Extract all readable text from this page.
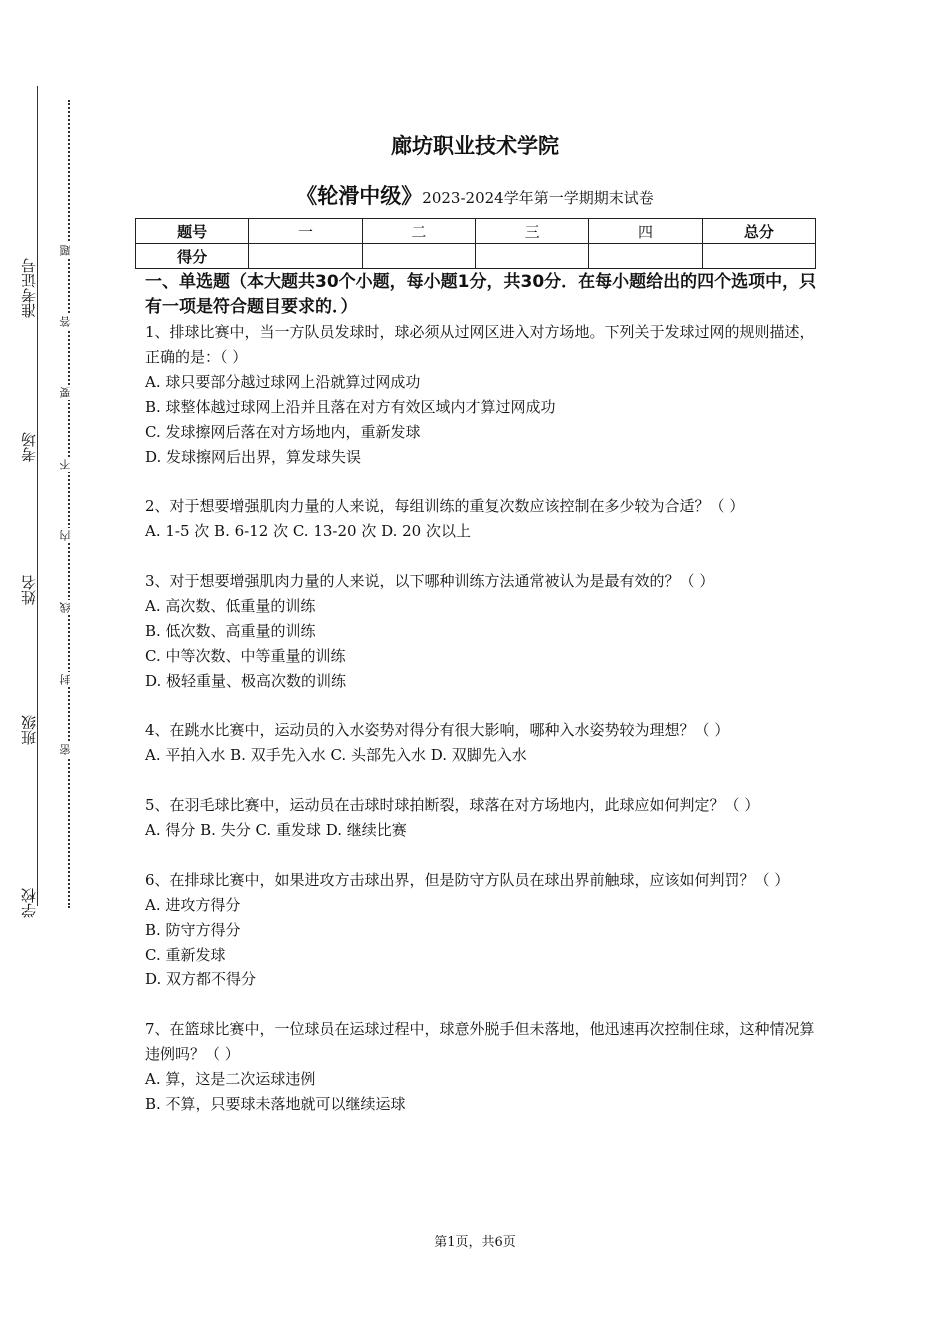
准考证号
考场
姓名
班级
学校
题
答
要
不
内
线
封
密
廊坊职业技术学院
《轮滑中级》2023-2024学年第一学期期末试卷
题号	一	二	三	四	总分
得分					
一、单选题（本大题共30个小题，每小题1分，共30分．在每小题给出的四个选项中，只有一项是符合题目要求的．）

1、排球比赛中，当一方队员发球时，球必须从过网区进入对方场地。下列关于发球过网的规则描述，正确的是：（ ）

A. 球只要部分越过球网上沿就算过网成功

B. 球整体越过球网上沿并且落在对方有效区域内才算过网成功

C. 发球擦网后落在对方场地内，重新发球

D. 发球擦网后出界，算发球失误

2、对于想要增强肌肉力量的人来说，每组训练的重复次数应该控制在多少较为合适？（ ）

A. 1-5 次 B. 6-12 次 C. 13-20 次 D. 20 次以上

3、对于想要增强肌肉力量的人来说，以下哪种训练方法通常被认为是最有效的？（ ）

A. 高次数、低重量的训练

B. 低次数、高重量的训练

C. 中等次数、中等重量的训练

D. 极轻重量、极高次数的训练

4、在跳水比赛中，运动员的入水姿势对得分有很大影响，哪种入水姿势较为理想？（ ）

A. 平拍入水 B. 双手先入水 C. 头部先入水 D. 双脚先入水

5、在羽毛球比赛中，运动员在击球时球拍断裂，球落在对方场地内，此球应如何判定？（ ）

A. 得分 B. 失分 C. 重发球 D. 继续比赛

6、在排球比赛中，如果进攻方击球出界，但是防守方队员在球出界前触球，应该如何判罚？（ ）

A. 进攻方得分

B. 防守方得分

C. 重新发球

D. 双方都不得分

7、在篮球比赛中，一位球员在运球过程中，球意外脱手但未落地，他迅速再次控制住球，这种情况算违例吗？（ ）

A. 算，这是二次运球违例

B. 不算，只要球未落地就可以继续运球

第1页，共6页
